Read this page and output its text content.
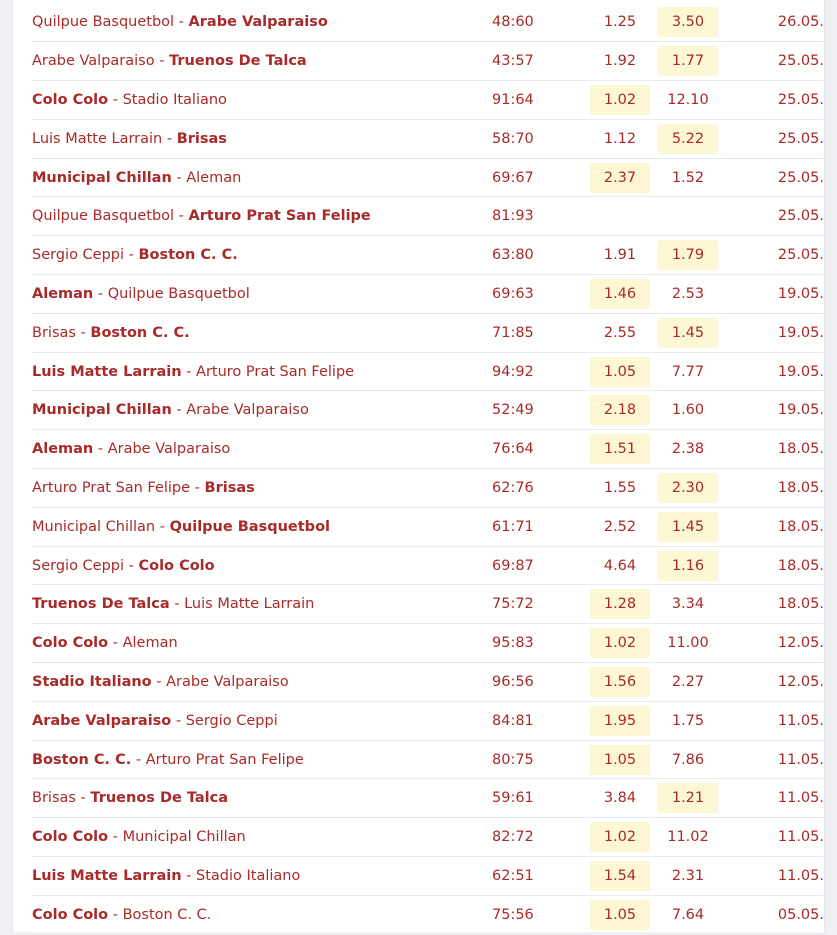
Quilpue Basquetbol - Arabe Valparaiso	48:60	1.25	3.50	26.05.
Arabe Valparaiso - Truenos De Talca	43:57	1.92	1.77	25.05.
Colo Colo - Stadio Italiano	91:64	1.02	12.10	25.05.
Luis Matte Larrain - Brisas	58:70	1.12	5.22	25.05.
Municipal Chillan - Aleman	69:67	2.37	1.52	25.05.
Quilpue Basquetbol - Arturo Prat San Felipe	81:93			25.05.
Sergio Ceppi - Boston C. C.	63:80	1.91	1.79	25.05.
Aleman - Quilpue Basquetbol	69:63	1.46	2.53	19.05.
Brisas - Boston C. C.	71:85	2.55	1.45	19.05.
Luis Matte Larrain - Arturo Prat San Felipe	94:92	1.05	7.77	19.05.
Municipal Chillan - Arabe Valparaiso	52:49	2.18	1.60	19.05.
Aleman - Arabe Valparaiso	76:64	1.51	2.38	18.05.
Arturo Prat San Felipe - Brisas	62:76	1.55	2.30	18.05.
Municipal Chillan - Quilpue Basquetbol	61:71	2.52	1.45	18.05.
Sergio Ceppi - Colo Colo	69:87	4.64	1.16	18.05.
Truenos De Talca - Luis Matte Larrain	75:72	1.28	3.34	18.05.
Colo Colo - Aleman	95:83	1.02	11.00	12.05.
Stadio Italiano - Arabe Valparaiso	96:56	1.56	2.27	12.05.
Arabe Valparaiso - Sergio Ceppi	84:81	1.95	1.75	11.05.
Boston C. C. - Arturo Prat San Felipe	80:75	1.05	7.86	11.05.
Brisas - Truenos De Talca	59:61	3.84	1.21	11.05.
Colo Colo - Municipal Chillan	82:72	1.02	11.02	11.05.
Luis Matte Larrain - Stadio Italiano	62:51	1.54	2.31	11.05.
Colo Colo - Boston C. C.	75:56	1.05	7.64	05.05.
